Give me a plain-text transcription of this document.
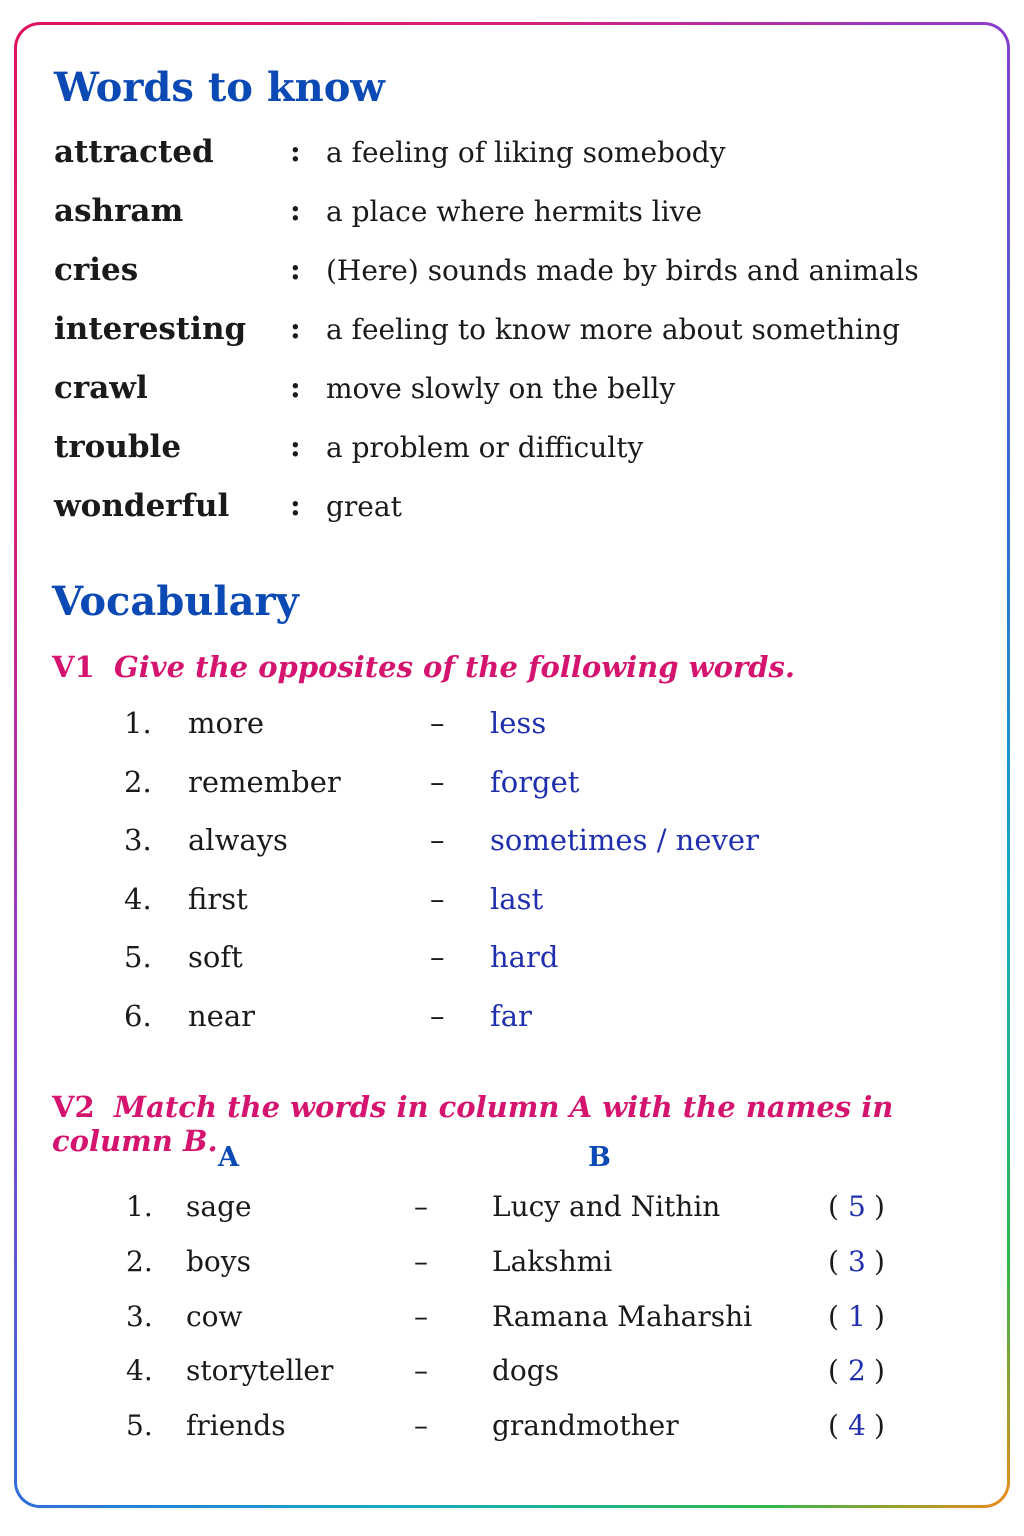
Words to know
attracted	: a feeling of liking somebody
ashram	: a place where hermits live
cries	: (Here) sounds made by birds and animals
interesting : a feeling to know more about something
crawl	: move slowly on the belly
trouble	: a problem or difficulty
wonderful : great
Vocabulary
V1 Give the opposites of the following words.
1. more	– less
2. remember	– forget
3. always	– sometimes / never
4. first	– last
5. soft	– hard
6. near	– far
V2 Match the words in column A with the names in column B. A	B
1. sage	– Lucy and Nithin	( 5 )
2. boys	– Lakshmi	( 3 )
3. cow	– Ramana Maharshi	( 1 )
4. storyteller	– dogs	( 2 )
5. friends	– grandmother	( 4 )
